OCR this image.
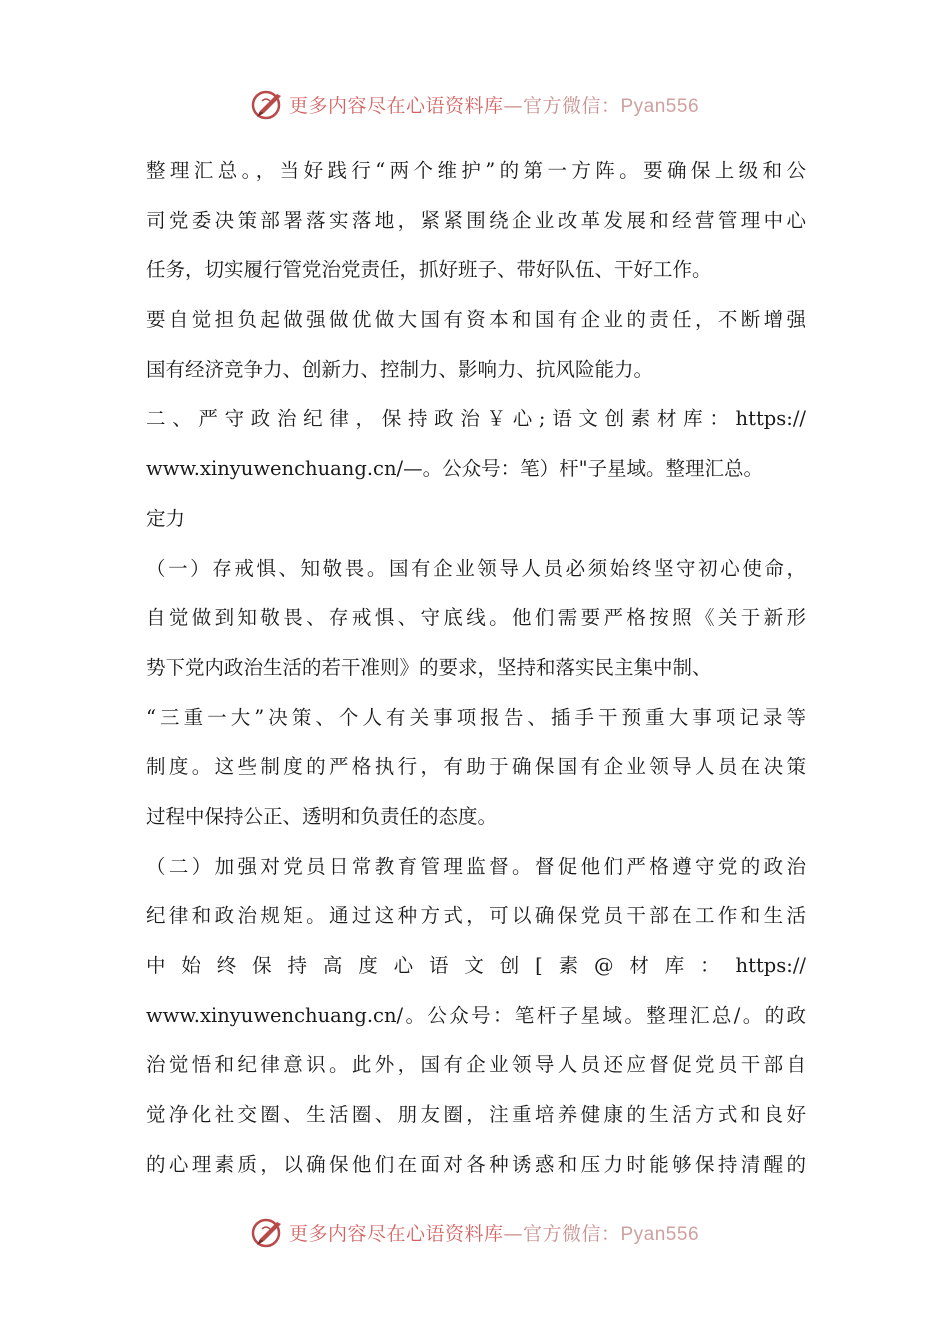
更多内容尽在心语资料库—官方微信：Pyan556
整理汇总。，当好践行“两个维护”的第一方阵。要确保上级和公
司党委决策部署落实落地，紧紧围绕企业改革发展和经营管理中心
任务，切实履行管党治党责任，抓好班子、带好队伍、干好工作。
要自觉担负起做强做优做大国有资本和国有企业的责任，不断增强
国有经济竞争力、创新力、控制力、影响力、抗风险能力。
二、严守政治纪律，保持政治￥心;语文创素材库：https://
www.xinyuwenchuang.cn/—。公众号：笔）杆"子星域。整理汇总。
定力
（一）存戒惧、知敬畏。国有企业领导人员必须始终坚守初心使命，
自觉做到知敬畏、存戒惧、守底线。他们需要严格按照《关于新形
势下党内政治生活的若干准则》的要求，坚持和落实民主集中制、
“三重一大”决策、个人有关事项报告、插手干预重大事项记录等
制度。这些制度的严格执行，有助于确保国有企业领导人员在决策
过程中保持公正、透明和负责任的态度。
（二）加强对党员日常教育管理监督。督促他们严格遵守党的政治
纪律和政治规矩。通过这种方式，可以确保党员干部在工作和生活
中始终保持高度心语文创[素@材库：https://
www.xinyuwenchuang.cn/。公众号：笔杆子星域。整理汇总/。的政
治觉悟和纪律意识。此外，国有企业领导人员还应督促党员干部自
觉净化社交圈、生活圈、朋友圈，注重培养健康的生活方式和良好
的心理素质，以确保他们在面对各种诱惑和压力时能够保持清醒的
更多内容尽在心语资料库—官方微信：Pyan556
